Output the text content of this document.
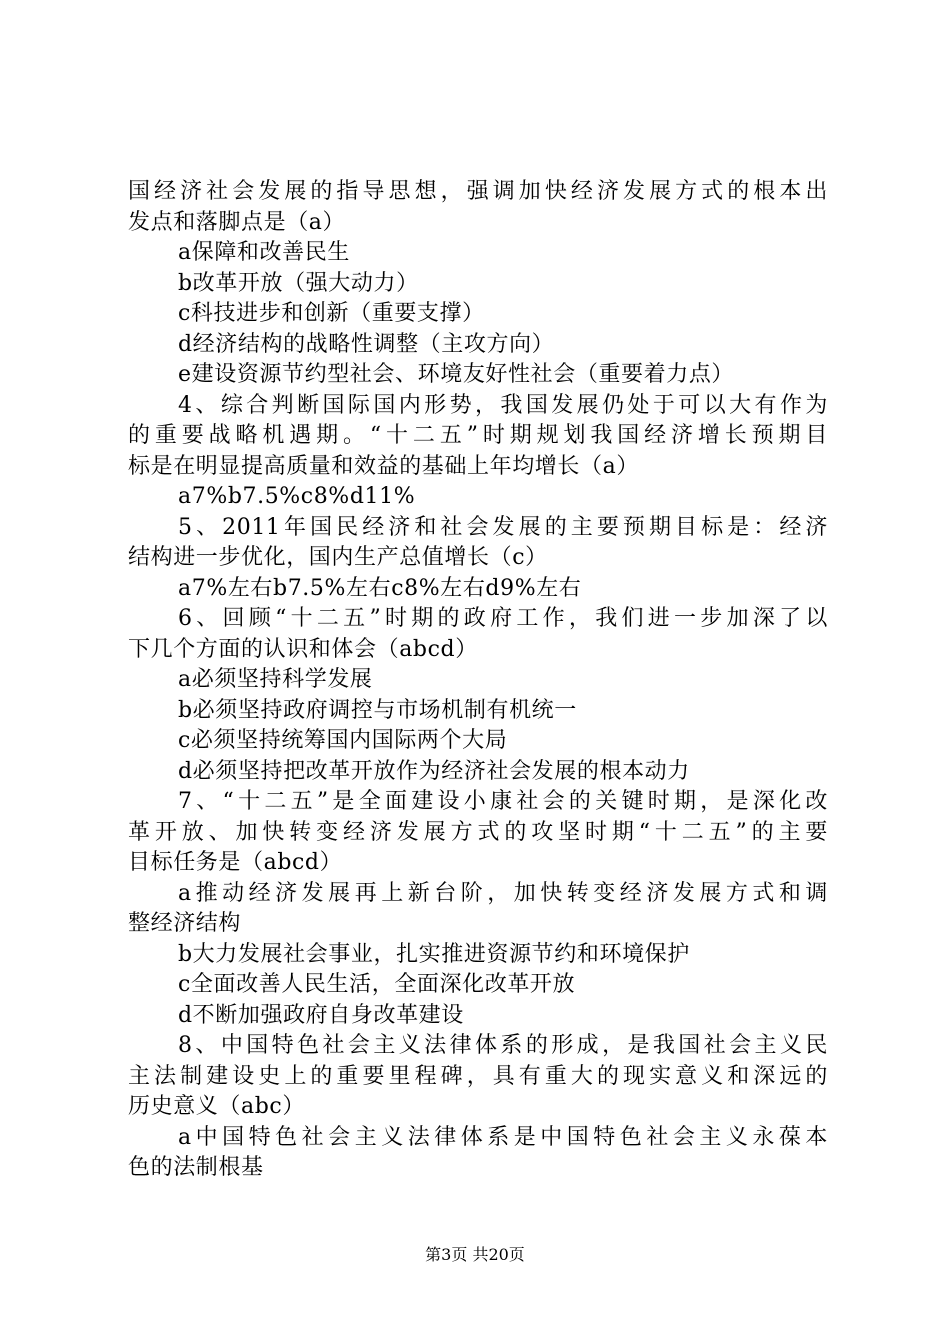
国经济社会发展的指导思想，强调加快经济发展方式的根本出
发点和落脚点是（a）
a保障和改善民生
b改革开放（强大动力）
c科技进步和创新（重要支撑）
d经济结构的战略性调整（主攻方向）
e建设资源节约型社会、环境友好性社会（重要着力点）
4、综合判断国际国内形势，我国发展仍处于可以大有作为
的重要战略机遇期。“十二五”时期规划我国经济增长预期目
标是在明显提高质量和效益的基础上年均增长（a）
a7%b7.5%c8%d11%
5、2011年国民经济和社会发展的主要预期目标是：经济
结构进一步优化，国内生产总值增长（c）
a7%左右b7.5%左右c8%左右d9%左右
6、回顾“十二五”时期的政府工作，我们进一步加深了以
下几个方面的认识和体会（abcd）
a必须坚持科学发展
b必须坚持政府调控与市场机制有机统一
c必须坚持统筹国内国际两个大局
d必须坚持把改革开放作为经济社会发展的根本动力
7、“十二五”是全面建设小康社会的关键时期，是深化改
革开放、加快转变经济发展方式的攻坚时期“十二五”的主要
目标任务是（abcd）
a推动经济发展再上新台阶，加快转变经济发展方式和调
整经济结构
b大力发展社会事业，扎实推进资源节约和环境保护
c全面改善人民生活，全面深化改革开放
d不断加强政府自身改革建设
8、中国特色社会主义法律体系的形成，是我国社会主义民
主法制建设史上的重要里程碑，具有重大的现实意义和深远的
历史意义（abc）
a中国特色社会主义法律体系是中国特色社会主义永葆本
色的法制根基
第3页 共20页
